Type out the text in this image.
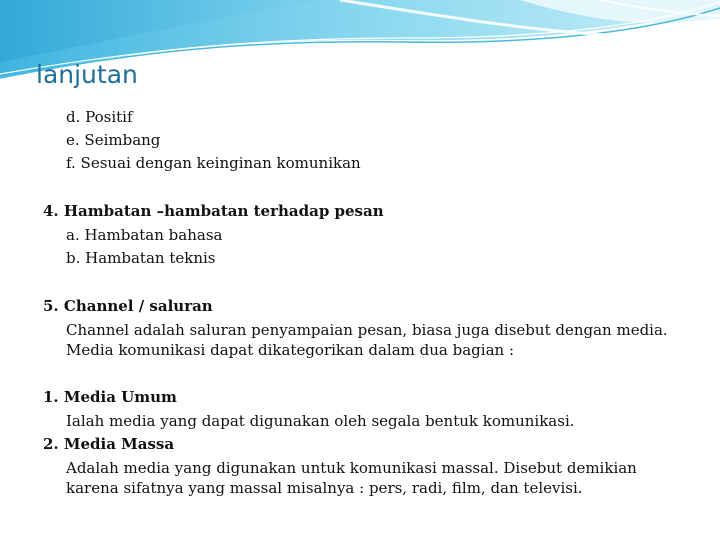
lanjutan
d. Positif
e. Seimbang
f. Sesuai dengan keinginan komunikan
4. Hambatan –hambatan terhadap pesan
a. Hambatan bahasa
b. Hambatan teknis
5. Channel / saluran
Channel adalah saluran penyampaian pesan, biasa juga disebut dengan media.
Media komunikasi dapat dikategorikan dalam dua bagian :
1. Media Umum
Ialah media yang dapat digunakan oleh segala bentuk komunikasi.
2. Media Massa
Adalah media yang digunakan untuk komunikasi massal. Disebut demikian
karena sifatnya yang massal misalnya : pers, radi, film, dan televisi.
